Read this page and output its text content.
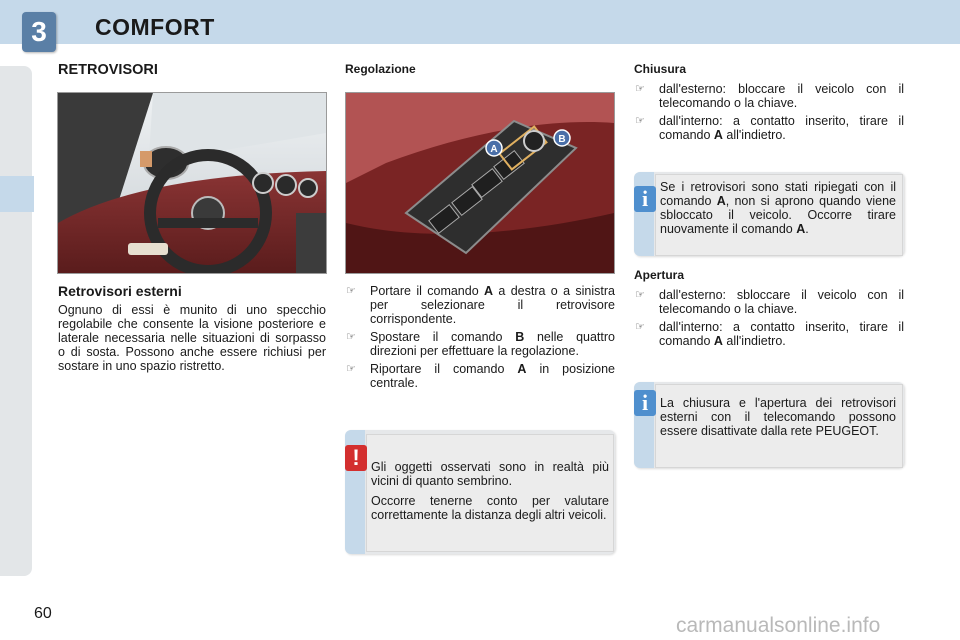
3	COMFORT
RETROVISORI
Retrovisori esterni
Ognuno di essi è munito di uno specchio regolabile che consente la visione posteriore e laterale necessaria nelle situazioni di sorpasso o di sosta. Possono anche essere richiusi per sostare in uno spazio ristretto.
Regolazione
A
B
☞ Portare il comando A a destra o a sinistra per selezionare il retrovisore corrispondente.
☞ Spostare il comando B nelle quattro direzioni per effettuare la regolazione.
☞ Riportare il comando A in posizione centrale.
! Gli oggetti osservati sono in realtà più vicini di quanto sembrino.

Occorre tenerne conto per valutare correttamente la distanza degli altri veicoli.

Chiusura
☞ dall'esterno: bloccare il veicolo con il telecomando o la chiave.
☞ dall'interno: a contatto inserito, tirare il comando A all'indietro.
i Se i retrovisori sono stati ripiegati con il comando A, non si aprono quando viene sbloccato il veicolo. Occorre tirare nuovamente il comando A.
Apertura
☞ dall'esterno: sbloccare il veicolo con il telecomando o la chiave.
☞ dall'interno: a contatto inserito, tirare il comando A all'indietro.
i La chiusura e l'apertura dei retrovisori esterni con il telecomando possono essere disattivate dalla rete PEUGEOT.
60
carmanualsonline.info
